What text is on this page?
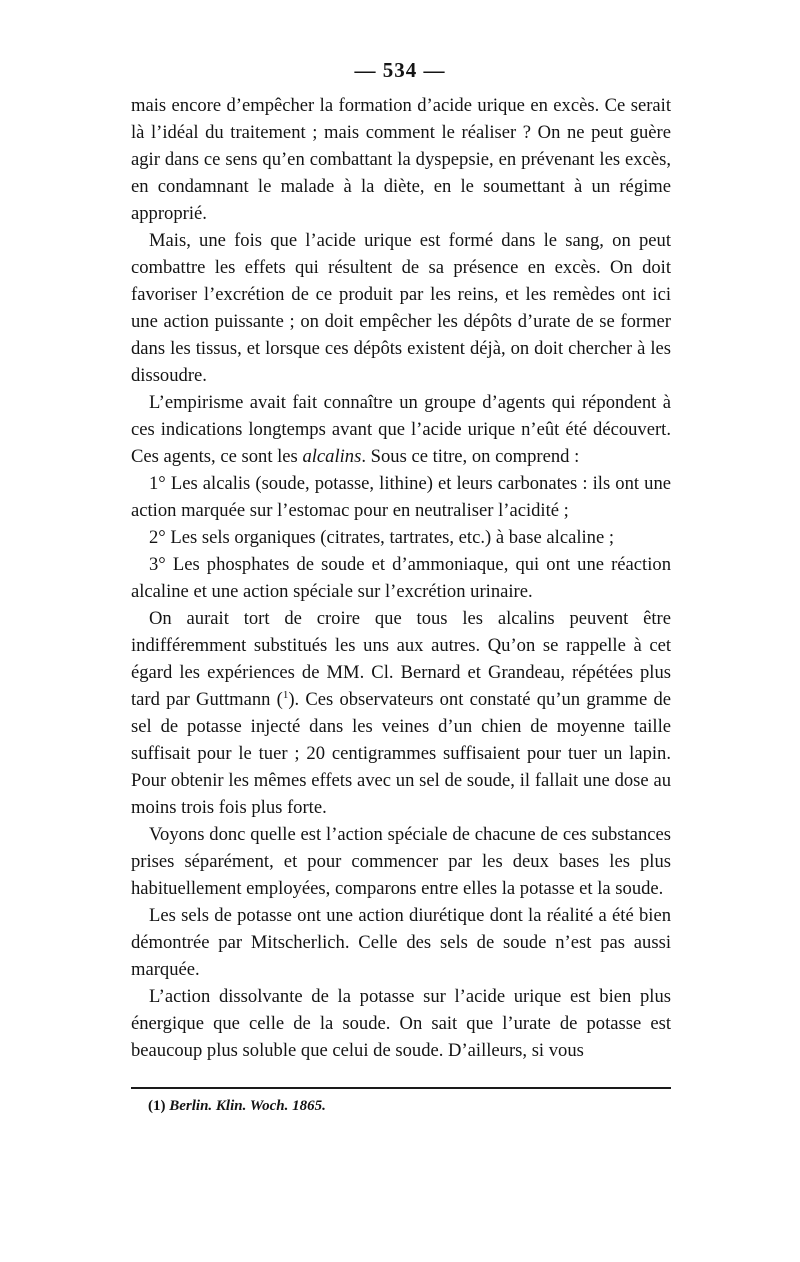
— 534 —

mais encore d’empêcher la formation d’acide urique en excès. Ce serait là l’idéal du traitement ; mais comment le réaliser ? On ne peut guère agir dans ce sens qu’en combattant la dyspepsie, en prévenant les excès, en condamnant le malade à la diète, en le soumettant à un régime approprié.

Mais, une fois que l’acide urique est formé dans le sang, on peut combattre les effets qui résultent de sa présence en excès. On doit favoriser l’excrétion de ce produit par les reins, et les remèdes ont ici une action puissante ; on doit empêcher les dépôts d’urate de se former dans les tissus, et lorsque ces dépôts existent déjà, on doit chercher à les dissoudre.

L’empirisme avait fait connaître un groupe d’agents qui répondent à ces indications longtemps avant que l’acide urique n’eût été découvert. Ces agents, ce sont les alcalins. Sous ce titre, on comprend :

1° Les alcalis (soude, potasse, lithine) et leurs carbonates : ils ont une action marquée sur l’estomac pour en neutraliser l’acidité ;

2° Les sels organiques (citrates, tartrates, etc.) à base alcaline ;

3° Les phosphates de soude et d’ammoniaque, qui ont une réaction alcaline et une action spéciale sur l’excrétion urinaire.

On aurait tort de croire que tous les alcalins peuvent être indifféremment substitués les uns aux autres. Qu’on se rappelle à cet égard les expériences de MM. Cl. Bernard et Grandeau, répétées plus tard par Guttmann ($^1$). Ces observateurs ont constaté qu’un gramme de sel de potasse injecté dans les veines d’un chien de moyenne taille suffisait pour le tuer ; 20 centigrammes suffisaient pour tuer un lapin. Pour obtenir les mêmes effets avec un sel de soude, il fallait une dose au moins trois fois plus forte.

Voyons donc quelle est l’action spéciale de chacune de ces substances prises séparément, et pour commencer par les deux bases les plus habituellement employées, comparons entre elles la potasse et la soude.

Les sels de potasse ont une action diurétique dont la réalité a été bien démontrée par Mitscherlich. Celle des sels de soude n’est pas aussi marquée.

L’action dissolvante de la potasse sur l’acide urique est bien plus énergique que celle de la soude. On sait que l’urate de potasse est beaucoup plus soluble que celui de soude. D’ailleurs, si vous

(1) Berlin. Klin. Woch. 1865.
